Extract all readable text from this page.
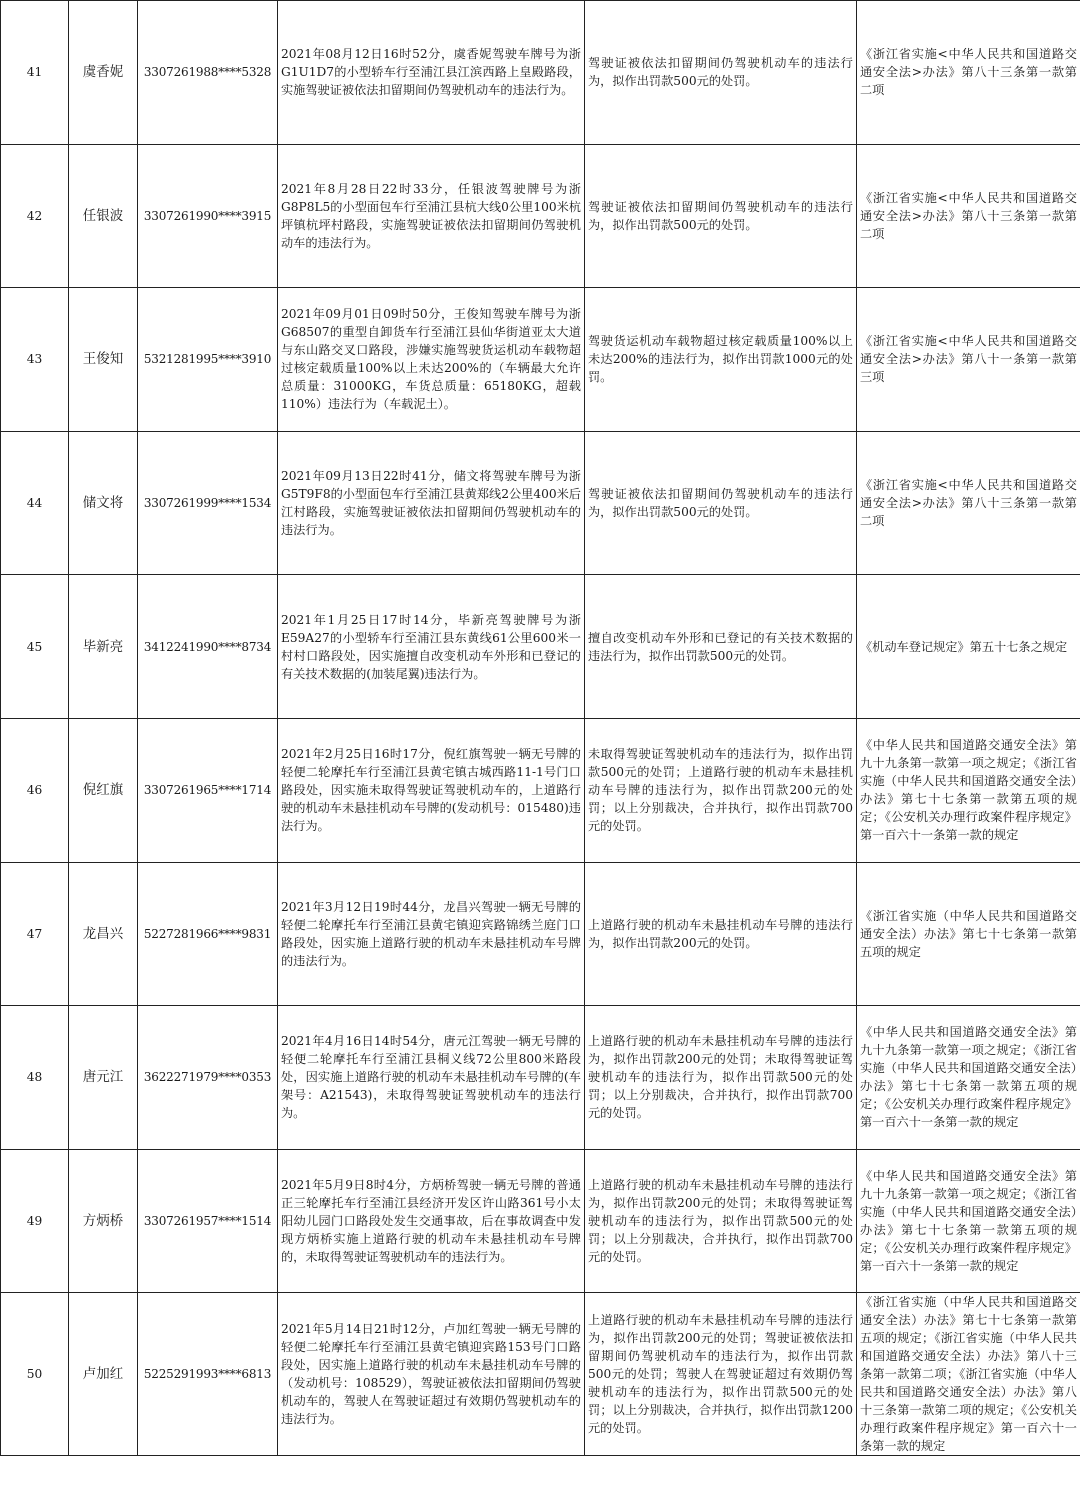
41	虞香妮	3307261988****5328	2021年08月12日16时52分，虞香妮驾驶车牌号为浙G1U1D7的小型轿车行至浦江县江滨西路上皇殿路段，实施驾驶证被依法扣留期间仍驾驶机动车的违法行为。	驾驶证被依法扣留期间仍驾驶机动车的违法行为，拟作出罚款500元的处罚。	《浙江省实施<中华人民共和国道路交通安全法>办法》第八十三条第一款第二项
42	任银波	3307261990****3915	2021年8月28日22时33分，任银波驾驶牌号为浙G8P8L5的小型面包车行至浦江县杭大线0公里100米杭坪镇杭坪村路段，实施驾驶证被依法扣留期间仍驾驶机动车的违法行为。	驾驶证被依法扣留期间仍驾驶机动车的违法行为，拟作出罚款500元的处罚。	《浙江省实施<中华人民共和国道路交通安全法>办法》第八十三条第一款第二项
43	王俊知	5321281995****3910	2021年09月01日09时50分，王俊知驾驶车牌号为浙G68507的重型自卸货车行至浦江县仙华街道亚太大道与东山路交叉口路段，涉嫌实施驾驶货运机动车载物超过核定载质量100%以上未达200%的（车辆最大允许总质量：31000KG，车货总质量：65180KG，超载110%）违法行为（车载泥土）。	驾驶货运机动车载物超过核定载质量100%以上未达200%的违法行为，拟作出罚款1000元的处罚。	《浙江省实施<中华人民共和国道路交通安全法>办法》第八十一条第一款第三项
44	储文将	3307261999****1534	2021年09月13日22时41分，储文将驾驶车牌号为浙G5T9F8的小型面包车行至浦江县黄郑线2公里400米后江村路段，实施驾驶证被依法扣留期间仍驾驶机动车的违法行为。	驾驶证被依法扣留期间仍驾驶机动车的违法行为，拟作出罚款500元的处罚。	《浙江省实施<中华人民共和国道路交通安全法>办法》第八十三条第一款第二项
45	毕新亮	3412241990****8734	2021年1月25日17时14分，毕新亮驾驶牌号为浙E59A27的小型轿车行至浦江县东黄线61公里600米一村村口路段处，因实施擅自改变机动车外形和已登记的有关技术数据的(加装尾翼)违法行为。	擅自改变机动车外形和已登记的有关技术数据的违法行为，拟作出罚款500元的处罚。	《机动车登记规定》第五十七条之规定
46	倪红旗	3307261965****1714	2021年2月25日16时17分，倪红旗驾驶一辆无号牌的轻便二轮摩托车行至浦江县黄宅镇古城西路11-1号门口路段处，因实施未取得驾驶证驾驶机动车的，上道路行驶的机动车未悬挂机动车号牌的(发动机号：015480)违法行为。	未取得驾驶证驾驶机动车的违法行为，拟作出罚款500元的处罚；上道路行驶的机动车未悬挂机动车号牌的违法行为，拟作出罚款200元的处罚；以上分别裁决，合并执行，拟作出罚款700元的处罚。	《中华人民共和国道路交通安全法》第九十九条第一款第一项之规定；《浙江省实施（中华人民共和国道路交通安全法）办法》第七十七条第一款第五项的规定；《公安机关办理行政案件程序规定》第一百六十一条第一款的规定
47	龙昌兴	5227281966****9831	2021年3月12日19时44分，龙昌兴驾驶一辆无号牌的轻便二轮摩托车行至浦江县黄宅镇迎宾路锦绣兰庭门口路段处，因实施上道路行驶的机动车未悬挂机动车号牌的违法行为。	上道路行驶的机动车未悬挂机动车号牌的违法行为，拟作出罚款200元的处罚。	《浙江省实施（中华人民共和国道路交通安全法）办法》第七十七条第一款第五项的规定
48	唐元江	3622271979****0353	2021年4月16日14时54分，唐元江驾驶一辆无号牌的轻便二轮摩托车行至浦江县桐义线72公里800米路段处，因实施上道路行驶的机动车未悬挂机动车号牌的(车架号：A21543)，未取得驾驶证驾驶机动车的违法行为。	上道路行驶的机动车未悬挂机动车号牌的违法行为，拟作出罚款200元的处罚；未取得驾驶证驾驶机动车的违法行为，拟作出罚款500元的处罚；以上分别裁决，合并执行，拟作出罚款700元的处罚。	《中华人民共和国道路交通安全法》第九十九条第一款第一项之规定；《浙江省实施（中华人民共和国道路交通安全法）办法》第七十七条第一款第五项的规定；《公安机关办理行政案件程序规定》第一百六十一条第一款的规定
49	方炳桥	3307261957****1514	2021年5月9日8时4分，方炳桥驾驶一辆无号牌的普通正三轮摩托车行至浦江县经济开发区许山路361号小太阳幼儿园门口路段处发生交通事故，后在事故调查中发现方炳桥实施上道路行驶的机动车未悬挂机动车号牌的，未取得驾驶证驾驶机动车的违法行为。	上道路行驶的机动车未悬挂机动车号牌的违法行为，拟作出罚款200元的处罚；未取得驾驶证驾驶机动车的违法行为，拟作出罚款500元的处罚；以上分别裁决，合并执行，拟作出罚款700元的处罚。	《中华人民共和国道路交通安全法》第九十九条第一款第一项之规定；《浙江省实施（中华人民共和国道路交通安全法）办法》第七十七条第一款第五项的规定；《公安机关办理行政案件程序规定》第一百六十一条第一款的规定
50	卢加红	5225291993****6813	2021年5月14日21时12分，卢加红驾驶一辆无号牌的轻便二轮摩托车行至浦江县黄宅镇迎宾路153号门口路段处，因实施上道路行驶的机动车未悬挂机动车号牌的（发动机号：108529），驾驶证被依法扣留期间仍驾驶机动车的，驾驶人在驾驶证超过有效期仍驾驶机动车的违法行为。	上道路行驶的机动车未悬挂机动车号牌的违法行为，拟作出罚款200元的处罚；驾驶证被依法扣留期间仍驾驶机动车的违法行为，拟作出罚款500元的处罚；驾驶人在驾驶证超过有效期仍驾驶机动车的违法行为，拟作出罚款500元的处罚；以上分别裁决，合并执行，拟作出罚款1200元的处罚。	《浙江省实施（中华人民共和国道路交通安全法）办法》第七十七条第一款第五项的规定；《浙江省实施（中华人民共和国道路交通安全法）办法》第八十三条第一款第二项；《浙江省实施（中华人民共和国道路交通安全法）办法》第八十三条第一款第二项的规定；《公安机关办理行政案件程序规定》第一百六十一条第一款的规定
